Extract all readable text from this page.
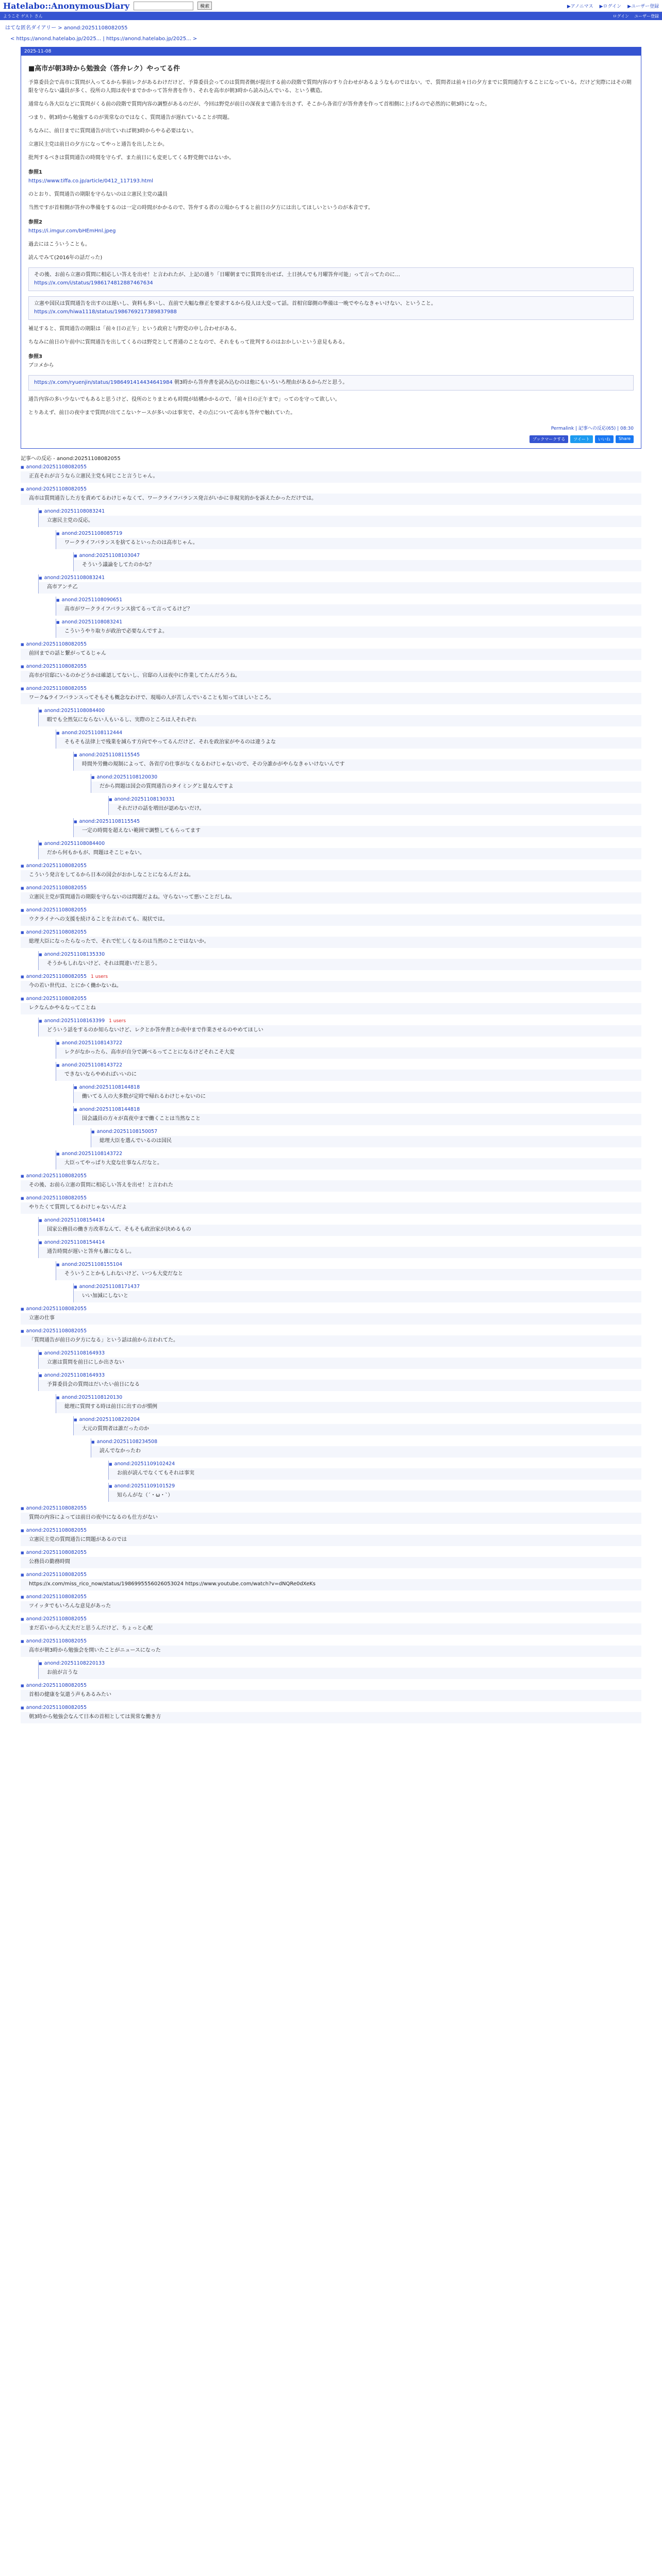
Hatelabo::AnonymousDiary	検索	▶アノニマス ▶ログイン ▶ユーザー登録
ようこそ ゲスト さん	ログイン ユーザー登録
はてな匿名ダイアリー > anond:20251108082055
< https://anond.hatelabo.jp/2025... | https://anond.hatelabo.jp/2025... >
2025-11-08
■高市が朝3時から勉強会（答弁レク）やってる件

予算委員会で高市に質問が入ってるから事前レクがあるわけだけど、予算委員会ってのは質問者側が提出する前の段階で質問内容のすり合わせがあるようなものではない。で、質問者は前々日の夕方までに質問通告することになっている。だけど実際にはその期限を守らない議員が多く、役所の人間は夜中までかかって答弁書を作り、それを高市が朝3時から読み込んでいる、という構造。

通常なら各大臣などに質問がくる前の段階で質問内容の調整があるのだが、今回は野党が前日の深夜まで通告を出さず、そこから各省庁が答弁書を作って首相側に上げるので必然的に朝3時になった。

つまり、朝3時から勉強するのが異常なのではなく、質問通告が遅れていることが問題。

ちなみに、前日までに質問通告が出ていれば朝3時からやる必要はない。

立憲民主党は前日の夕方になってやっと通告を出したとか。

批判するべきは質問通告の時間を守らず、また前日にも変更してくる野党側ではないか。

参照1

https://www.tiffa.co.jp/article/0412_117193.html

のとおり、質問通告の期限を守らないのは立憲民主党の議員

当然ですが首相側が答弁の準備をするのは一定の時間がかかるので、答弁する者の立場からすると前日の夕方には出してほしいというのが本音です。

参照2

https://i.imgur.com/bHEmHnl.jpeg

過去にはこういうことも。

読んでみて(2016年の話だった)

その後、お前ら立憲の質問に相応しい答えを出せ！と言われたが、上記の通り「日曜朝までに質問を出せば、土日挟んでも月曜答弁可能」って言ってたのに…
https://x.com/i/status/1986174812887467634
立憲や国民は質問通告を出すのは遅いし、資料も多いし、直前で大幅な修正を要求するから役人は大変って話。首相官邸側の準備は一晩でやらなきゃいけない、ということ。
https://x.com/hiwa1118/status/1986769217389837988

補足すると、質問通告の期限は「前々日の正午」という政府と与野党の申し合わせがある。

ちなみに前日の午前中に質問通告を出してくるのは野党として普通のことなので、それをもって批判するのはおかしいという意見もある。

参照3

ブコメから

https://x.com/ryuenjin/status/1986491414434641984 朝3時から答弁書を読み込むのは他にもいろいろ理由があるからだと思う。

通告内容の多い少ないでもあると思うけど、役所のとりまとめも時間が結構かかるので、「前々日の正午まで」ってのを守って欲しい。

とりあえず、前日の夜中まで質問が出てこないケースが多いのは事実で、その点について高市も答弁で触れていた。

Permalink | 記事への反応(65) | 08:30
ブックマークする	ツイート	いいね	Share
記事への反応 - anond:20251108082055
■ anond:20251108082055
正直それが言うなら立憲民主党も同じこと言うじゃん。
■ anond:20251108082055
高市は質問通告した方を責めてるわけじゃなくて、ワークライフバランス発言がいかに非現実的かを訴えたかっただけでは。
■ anond:20251108083241
立憲民主党の反応。
■ anond:20251108085719
ワークライフバランスを捨てるといったのは高市じゃん。
■ anond:20251108103047
そういう議論をしてたのかな？
■ anond:20251108083241
高市アンチ乙
■ anond:20251108090651
高市がワークライフバランス捨てるって言ってるけど？
■ anond:20251108083241
こういうやり取りが政治で必要なんですよ。
■ anond:20251108082055
前回までの話と繋がってるじゃん
■ anond:20251108082055
高市が官邸にいるのかどうかは確認してないし、官邸の人は夜中に作業してたんだろうね。
■ anond:20251108082055
ワーク&ライフバランスってそもそも概念なわけで、現場の人が苦しんでいることも知ってほしいところ。
■ anond:20251108084400
暇でも全然気にならない人もいるし、実際のところは人それぞれ
■ anond:20251108112444
そもそも法律上で残業を減らす方向でやってるんだけど、それを政治家がやるのは違うよな
■ anond:20251108115545
時間外労働の規制によって、各省庁の仕事がなくなるわけじゃないので、その分誰かがやらなきゃいけないんです
■ anond:20251108120030
だから問題は国会の質問通告のタイミングと量なんですよ
■ anond:20251108130331
それだけの話を増田が認めないだけ。
■ anond:20251108115545
一定の時間を超えない範囲で調整してもらってます
■ anond:20251108084400
だから何もかもが、問題はそこじゃない。
■ anond:20251108082055
こういう発言をしてるから日本の国会がおかしなことになるんだよね。
■ anond:20251108082055
立憲民主党が質問通告の期限を守らないのは問題だよね。守らないって悪いことだしね。
■ anond:20251108082055
ウクライナへの支援を続けることを言われても、現状では。
■ anond:20251108082055
総理大臣になったらなったで、それで忙しくなるのは当然のことではないか。
■ anond:20251108135330
そうかもしれないけど、それは間違いだと思う。
■ anond:20251108082055 1 users
今の若い世代は、とにかく働かないね。
■ anond:20251108082055
レクなんかやるなってことね
■ anond:20251108163399 1 users
どういう話をするのか知らないけど、レクとか答弁書とか夜中まで作業させるのやめてほしい
■ anond:20251108143722
レクがなかったら、高市が自分で調べるってことになるけどそれこそ大変
■ anond:20251108143722
できないならやめればいいのに
■ anond:20251108144818
働いてる人の大多数が定時で帰れるわけじゃないのに
■ anond:20251108144818
国会議員の方々が真夜中まで働くことは当然なこと
■ anond:20251108150057
総理大臣を選んでいるのは国民
■ anond:20251108143722
大臣ってやっぱり大変な仕事なんだなと。
■ anond:20251108082055
その後、お前ら立憲の質問に相応しい答えを出せ！と言われた
■ anond:20251108082055
やりたくて質問してるわけじゃないんだよ
■ anond:20251108154414
国家公務員の働き方改革なんて、そもそも政治家が決めるもの
■ anond:20251108154414
通告時間が遅いと答弁も雑になるし。
■ anond:20251108155104
そういうことかもしれないけど、いつも大変だなと
■ anond:20251108171437
いい加減にしないと
■ anond:20251108082055
立憲の仕事
■ anond:20251108082055
「質問通告が前日の夕方になる」という話は前から言われてた。
■ anond:20251108164933
立憲は質問を前日にしか出さない
■ anond:20251108164933
予算委員会の質問はだいたい前日になる
■ anond:20251108120130
総理に質問する時は前日に出すのが慣例
■ anond:20251108220204
大元の質問者は誰だったのか
■ anond:20251108234508
読んでなかったわ
■ anond:20251109102424
お前が読んでなくてもそれは事実
■ anond:20251109101529
知らんがな（´・ω・`）
■ anond:20251108082055
質問の内容によっては前日の夜中になるのも仕方がない
■ anond:20251108082055
立憲民主党の質問通告に問題があるのでは
■ anond:20251108082055
公務員の勤務時間
■ anond:20251108082055
https://x.com/miss_rico_now/status/1986995556026053024 https://www.youtube.com/watch?v=dNQRe0dXeKs
■ anond:20251108082055
ツイッタでもいろんな意見があった
■ anond:20251108082055
まだ若いから大丈夫だと思うんだけど、ちょっと心配
■ anond:20251108082055
高市が朝3時から勉強会を開いたことがニュースになった
■ anond:20251108220133
お前が言うな
■ anond:20251108082055
首相の健康を気遣う声もあるみたい
■ anond:20251108082055
朝3時から勉強会なんて日本の首相としては異常な働き方
